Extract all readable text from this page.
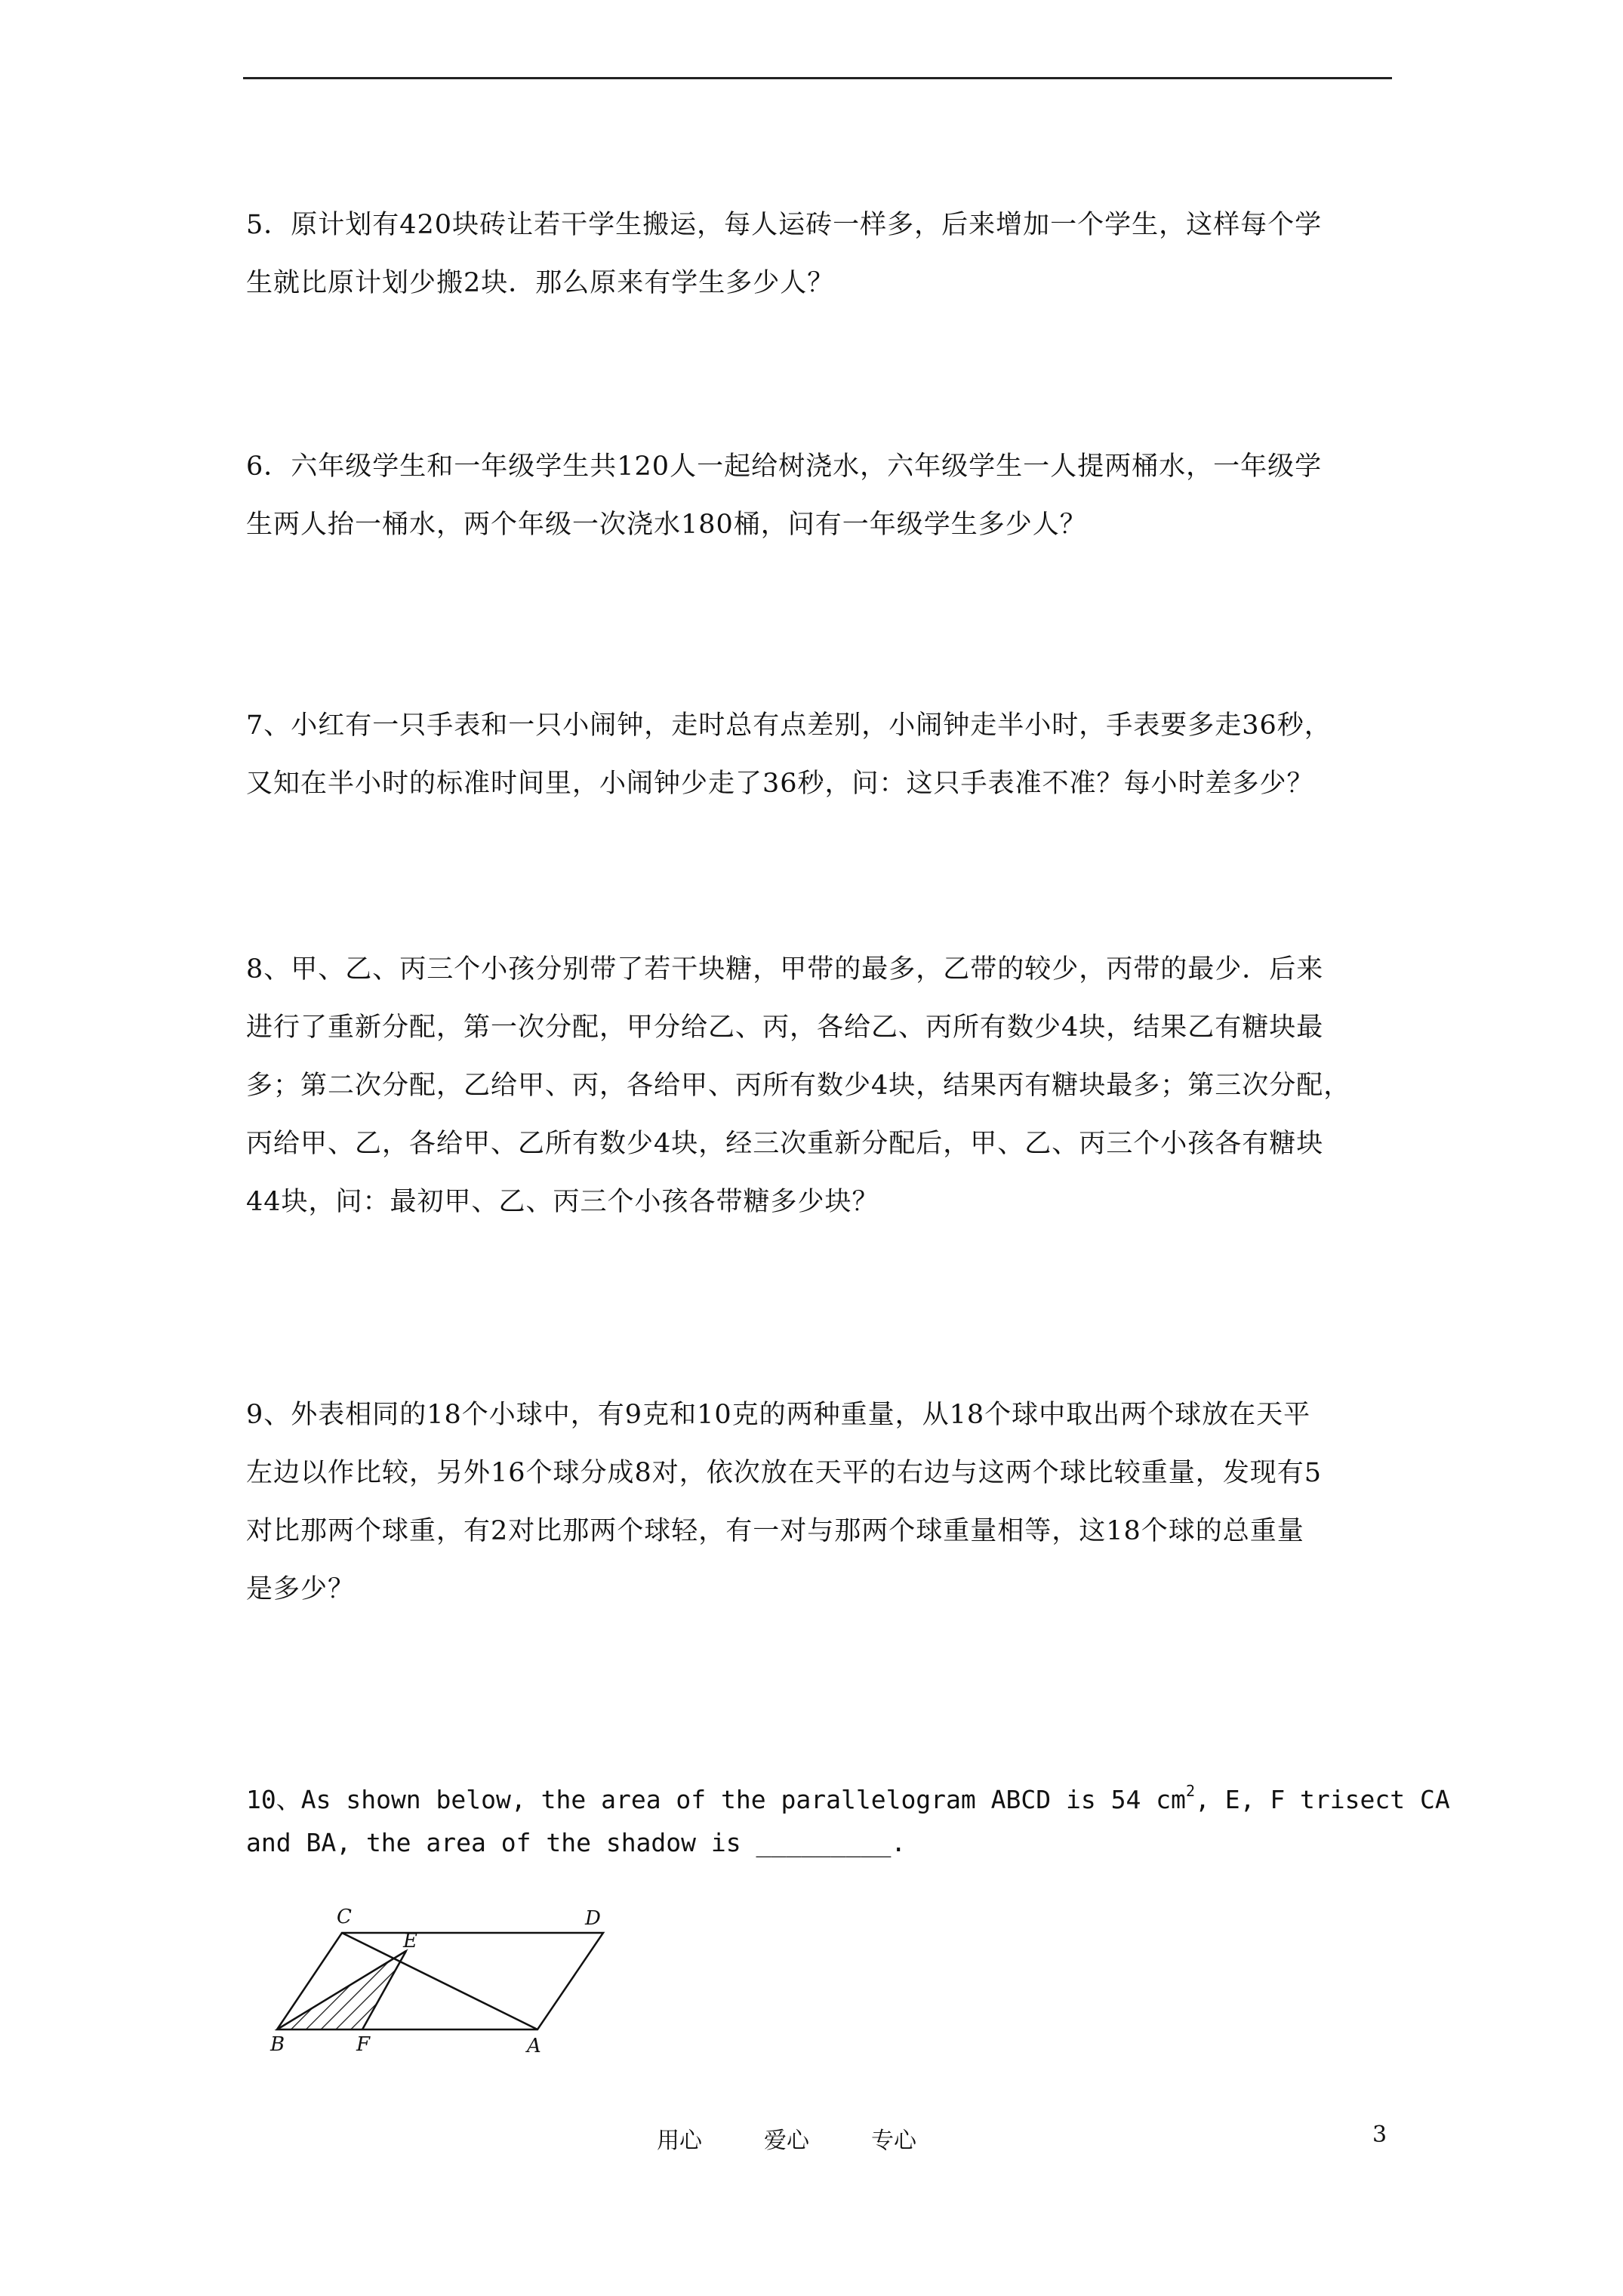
5．原计划有420块砖让若干学生搬运，每人运砖一样多，后来增加一个学生，这样每个学

生就比原计划少搬2块．那么原来有学生多少人？

6．六年级学生和一年级学生共120人一起给树浇水，六年级学生一人提两桶水，一年级学

生两人抬一桶水，两个年级一次浇水180桶，问有一年级学生多少人？

7、小红有一只手表和一只小闹钟，走时总有点差别，小闹钟走半小时，手表要多走36秒，

又知在半小时的标准时间里，小闹钟少走了36秒，问：这只手表准不准？每小时差多少？

8、甲、乙、丙三个小孩分别带了若干块糖，甲带的最多，乙带的较少，丙带的最少．后来

进行了重新分配，第一次分配，甲分给乙、丙，各给乙、丙所有数少4块，结果乙有糖块最

多；第二次分配，乙给甲、丙，各给甲、丙所有数少4块，结果丙有糖块最多；第三次分配，

丙给甲、乙，各给甲、乙所有数少4块，经三次重新分配后，甲、乙、丙三个小孩各有糖块

44块，问：最初甲、乙、丙三个小孩各带糖多少块？

9、外表相同的18个小球中，有9克和10克的两种重量，从18个球中取出两个球放在天平

左边以作比较，另外16个球分成8对，依次放在天平的右边与这两个球比较重量，发现有5

对比那两个球重，有2对比那两个球轻，有一对与那两个球重量相等，这18个球的总重量

是多少？

10、As shown below, the area of the parallelogram ABCD is 54 $cm^2$, E, F trisect CA

and BA, the area of the shadow is _________.

C	D
E
B	F	A
用心	爱心	专心	3
